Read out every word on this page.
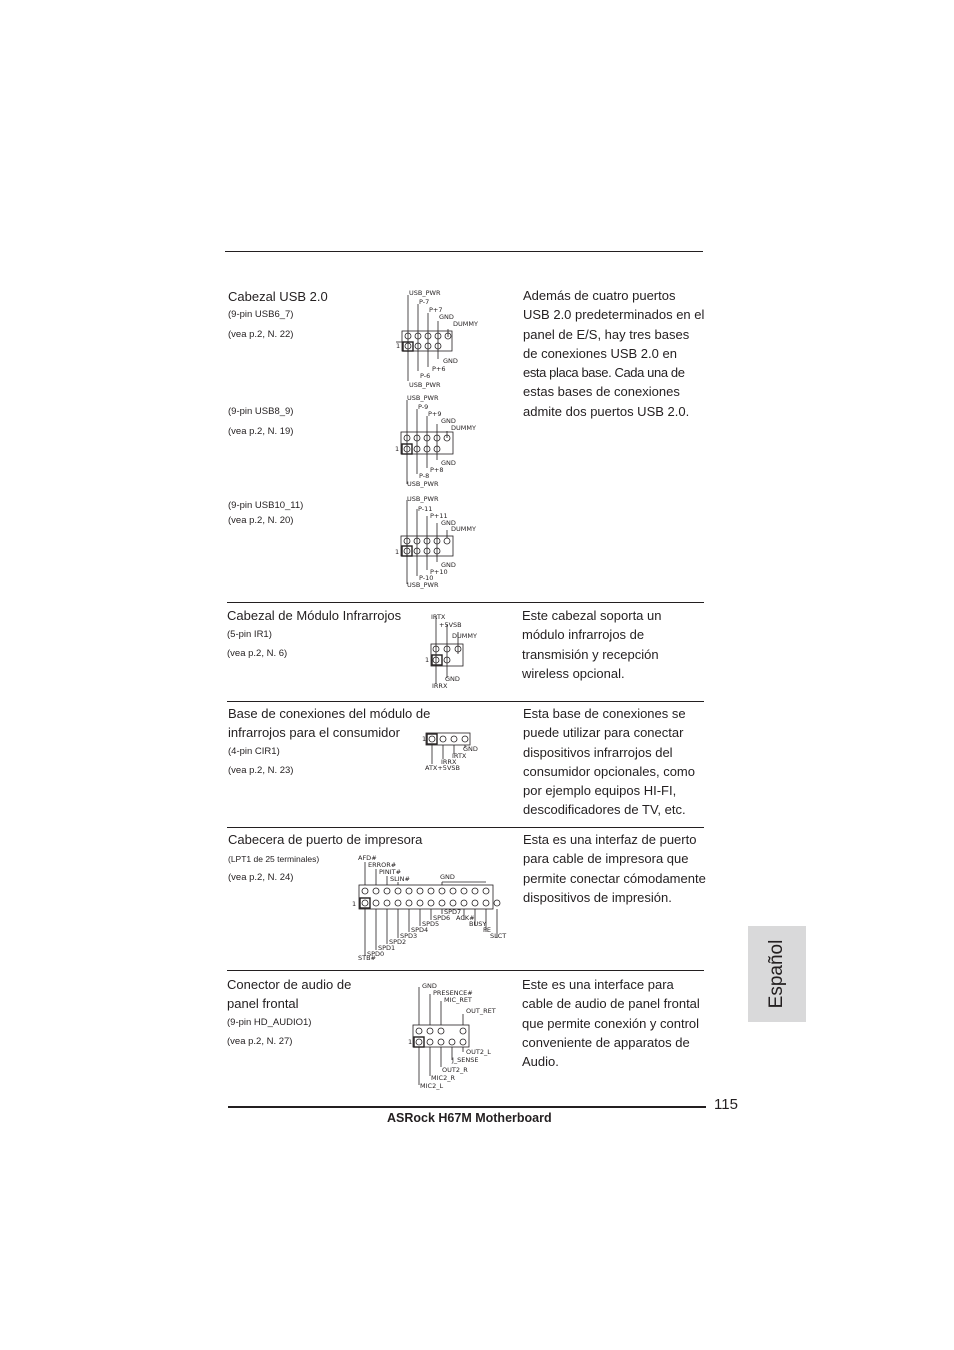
Cabezal USB 2.0
(9-pin USB6_7)
(vea p.2, N. 22)
(9-pin USB8_9)
(vea p.2, N. 19)
(9-pin USB10_11)
(vea p.2, N. 20)
1
USB_PWR
P-7
P+7
GND
DUMMY
GND
P+6
P-6
USB_PWR
1
USB_PWR
P-9
P+9
GND
DUMMY
GND
P+8
P-8
USB_PWR
1
USB_PWR
P-11
P+11
GND
DUMMY
GND
P+10
P-10
USB_PWR
Además de cuatro puertos
USB 2.0 predeterminados en el
panel de E/S, hay tres bases
de conexiones USB 2.0 en
esta placa base. Cada una de
estas bases de conexiones
admite dos puertos USB 2.0.
Cabezal de Módulo Infrarrojos
(5-pin IR1)
(vea p.2, N. 6)
1
IRTX
+5VSB
DUMMY
GND
IRRX
Este cabezal soporta un
módulo infrarrojos de
transmisión y recepción
wireless opcional.
Base de conexiones del módulo de
infrarrojos para el consumidor
(4-pin CIR1)
(vea p.2, N. 23)
1
GND
IRTX
IRRX
ATX+5VSB
Esta base de conexiones se
puede utilizar para conectar
dispositivos infrarrojos del
consumidor opcionales, como
por ejemplo equipos HI-FI,
descodificadores de TV, etc.
Cabecera de puerto de impresora
(LPT1 de 25 terminales)
(vea p.2, N. 24)
1
AFD#
ERROR#
PINIT#
SLIN#	GND
SPD7
SPD6 ACK#
SPD5	BUSY
SPD4	PE
SPD3	SLCT
SPD2
SPD1
SPD0
STB#
Esta es una interfaz de puerto
para cable de impresora que
permite conectar cómodamente
dispositivos de impresión.
Conector de audio de
panel frontal
(9-pin HD_AUDIO1)
(vea p.2, N. 27)	1
GND
PRESENCE#
MIC_RET
OUT_RET
OUT2_L
J_SENSE
OUT2_R
MIC2_R
MIC2_L
Este es una interface para
cable de audio de panel frontal
que permite conexión y control
conveniente de apparatos de
Audio.
Español
115
ASRock H67M Motherboard
